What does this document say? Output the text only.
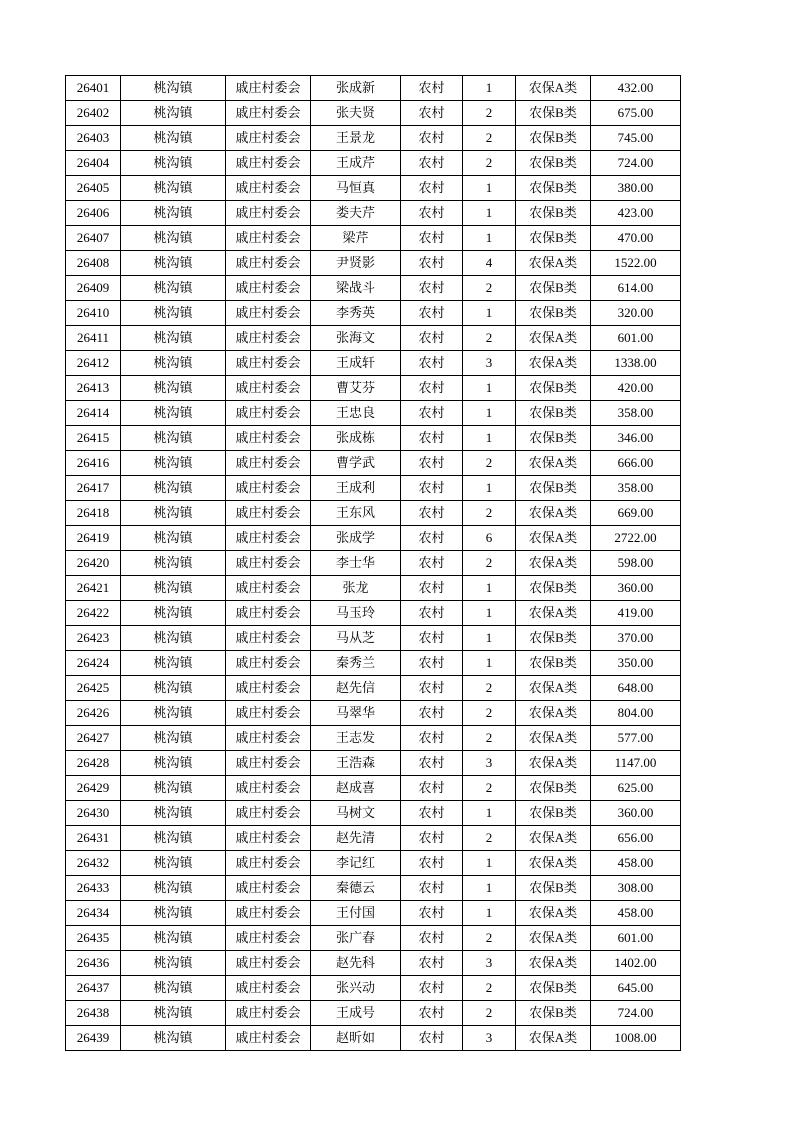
26401	桃沟镇	戚庄村委会	张成新	农村	1	农保A类	432.00
26402	桃沟镇	戚庄村委会	张夫贤	农村	2	农保B类	675.00
26403	桃沟镇	戚庄村委会	王景龙	农村	2	农保B类	745.00
26404	桃沟镇	戚庄村委会	王成芹	农村	2	农保B类	724.00
26405	桃沟镇	戚庄村委会	马恒真	农村	1	农保B类	380.00
26406	桃沟镇	戚庄村委会	娄夫芹	农村	1	农保B类	423.00
26407	桃沟镇	戚庄村委会	梁芹	农村	1	农保B类	470.00
26408	桃沟镇	戚庄村委会	尹贤影	农村	4	农保A类	1522.00
26409	桃沟镇	戚庄村委会	梁战斗	农村	2	农保B类	614.00
26410	桃沟镇	戚庄村委会	李秀英	农村	1	农保B类	320.00
26411	桃沟镇	戚庄村委会	张海文	农村	2	农保A类	601.00
26412	桃沟镇	戚庄村委会	王成轩	农村	3	农保A类	1338.00
26413	桃沟镇	戚庄村委会	曹艾芬	农村	1	农保B类	420.00
26414	桃沟镇	戚庄村委会	王忠良	农村	1	农保B类	358.00
26415	桃沟镇	戚庄村委会	张成栋	农村	1	农保B类	346.00
26416	桃沟镇	戚庄村委会	曹学武	农村	2	农保A类	666.00
26417	桃沟镇	戚庄村委会	王成利	农村	1	农保B类	358.00
26418	桃沟镇	戚庄村委会	王东风	农村	2	农保A类	669.00
26419	桃沟镇	戚庄村委会	张成学	农村	6	农保A类	2722.00
26420	桃沟镇	戚庄村委会	李士华	农村	2	农保A类	598.00
26421	桃沟镇	戚庄村委会	张龙	农村	1	农保B类	360.00
26422	桃沟镇	戚庄村委会	马玉玲	农村	1	农保A类	419.00
26423	桃沟镇	戚庄村委会	马从芝	农村	1	农保B类	370.00
26424	桃沟镇	戚庄村委会	秦秀兰	农村	1	农保B类	350.00
26425	桃沟镇	戚庄村委会	赵先信	农村	2	农保A类	648.00
26426	桃沟镇	戚庄村委会	马翠华	农村	2	农保A类	804.00
26427	桃沟镇	戚庄村委会	王志发	农村	2	农保A类	577.00
26428	桃沟镇	戚庄村委会	王浩森	农村	3	农保A类	1147.00
26429	桃沟镇	戚庄村委会	赵成喜	农村	2	农保B类	625.00
26430	桃沟镇	戚庄村委会	马树文	农村	1	农保B类	360.00
26431	桃沟镇	戚庄村委会	赵先清	农村	2	农保A类	656.00
26432	桃沟镇	戚庄村委会	李记红	农村	1	农保A类	458.00
26433	桃沟镇	戚庄村委会	秦德云	农村	1	农保B类	308.00
26434	桃沟镇	戚庄村委会	王付国	农村	1	农保A类	458.00
26435	桃沟镇	戚庄村委会	张广春	农村	2	农保A类	601.00
26436	桃沟镇	戚庄村委会	赵先科	农村	3	农保A类	1402.00
26437	桃沟镇	戚庄村委会	张兴动	农村	2	农保B类	645.00
26438	桃沟镇	戚庄村委会	王成号	农村	2	农保B类	724.00
26439	桃沟镇	戚庄村委会	赵昕如	农村	3	农保A类	1008.00
